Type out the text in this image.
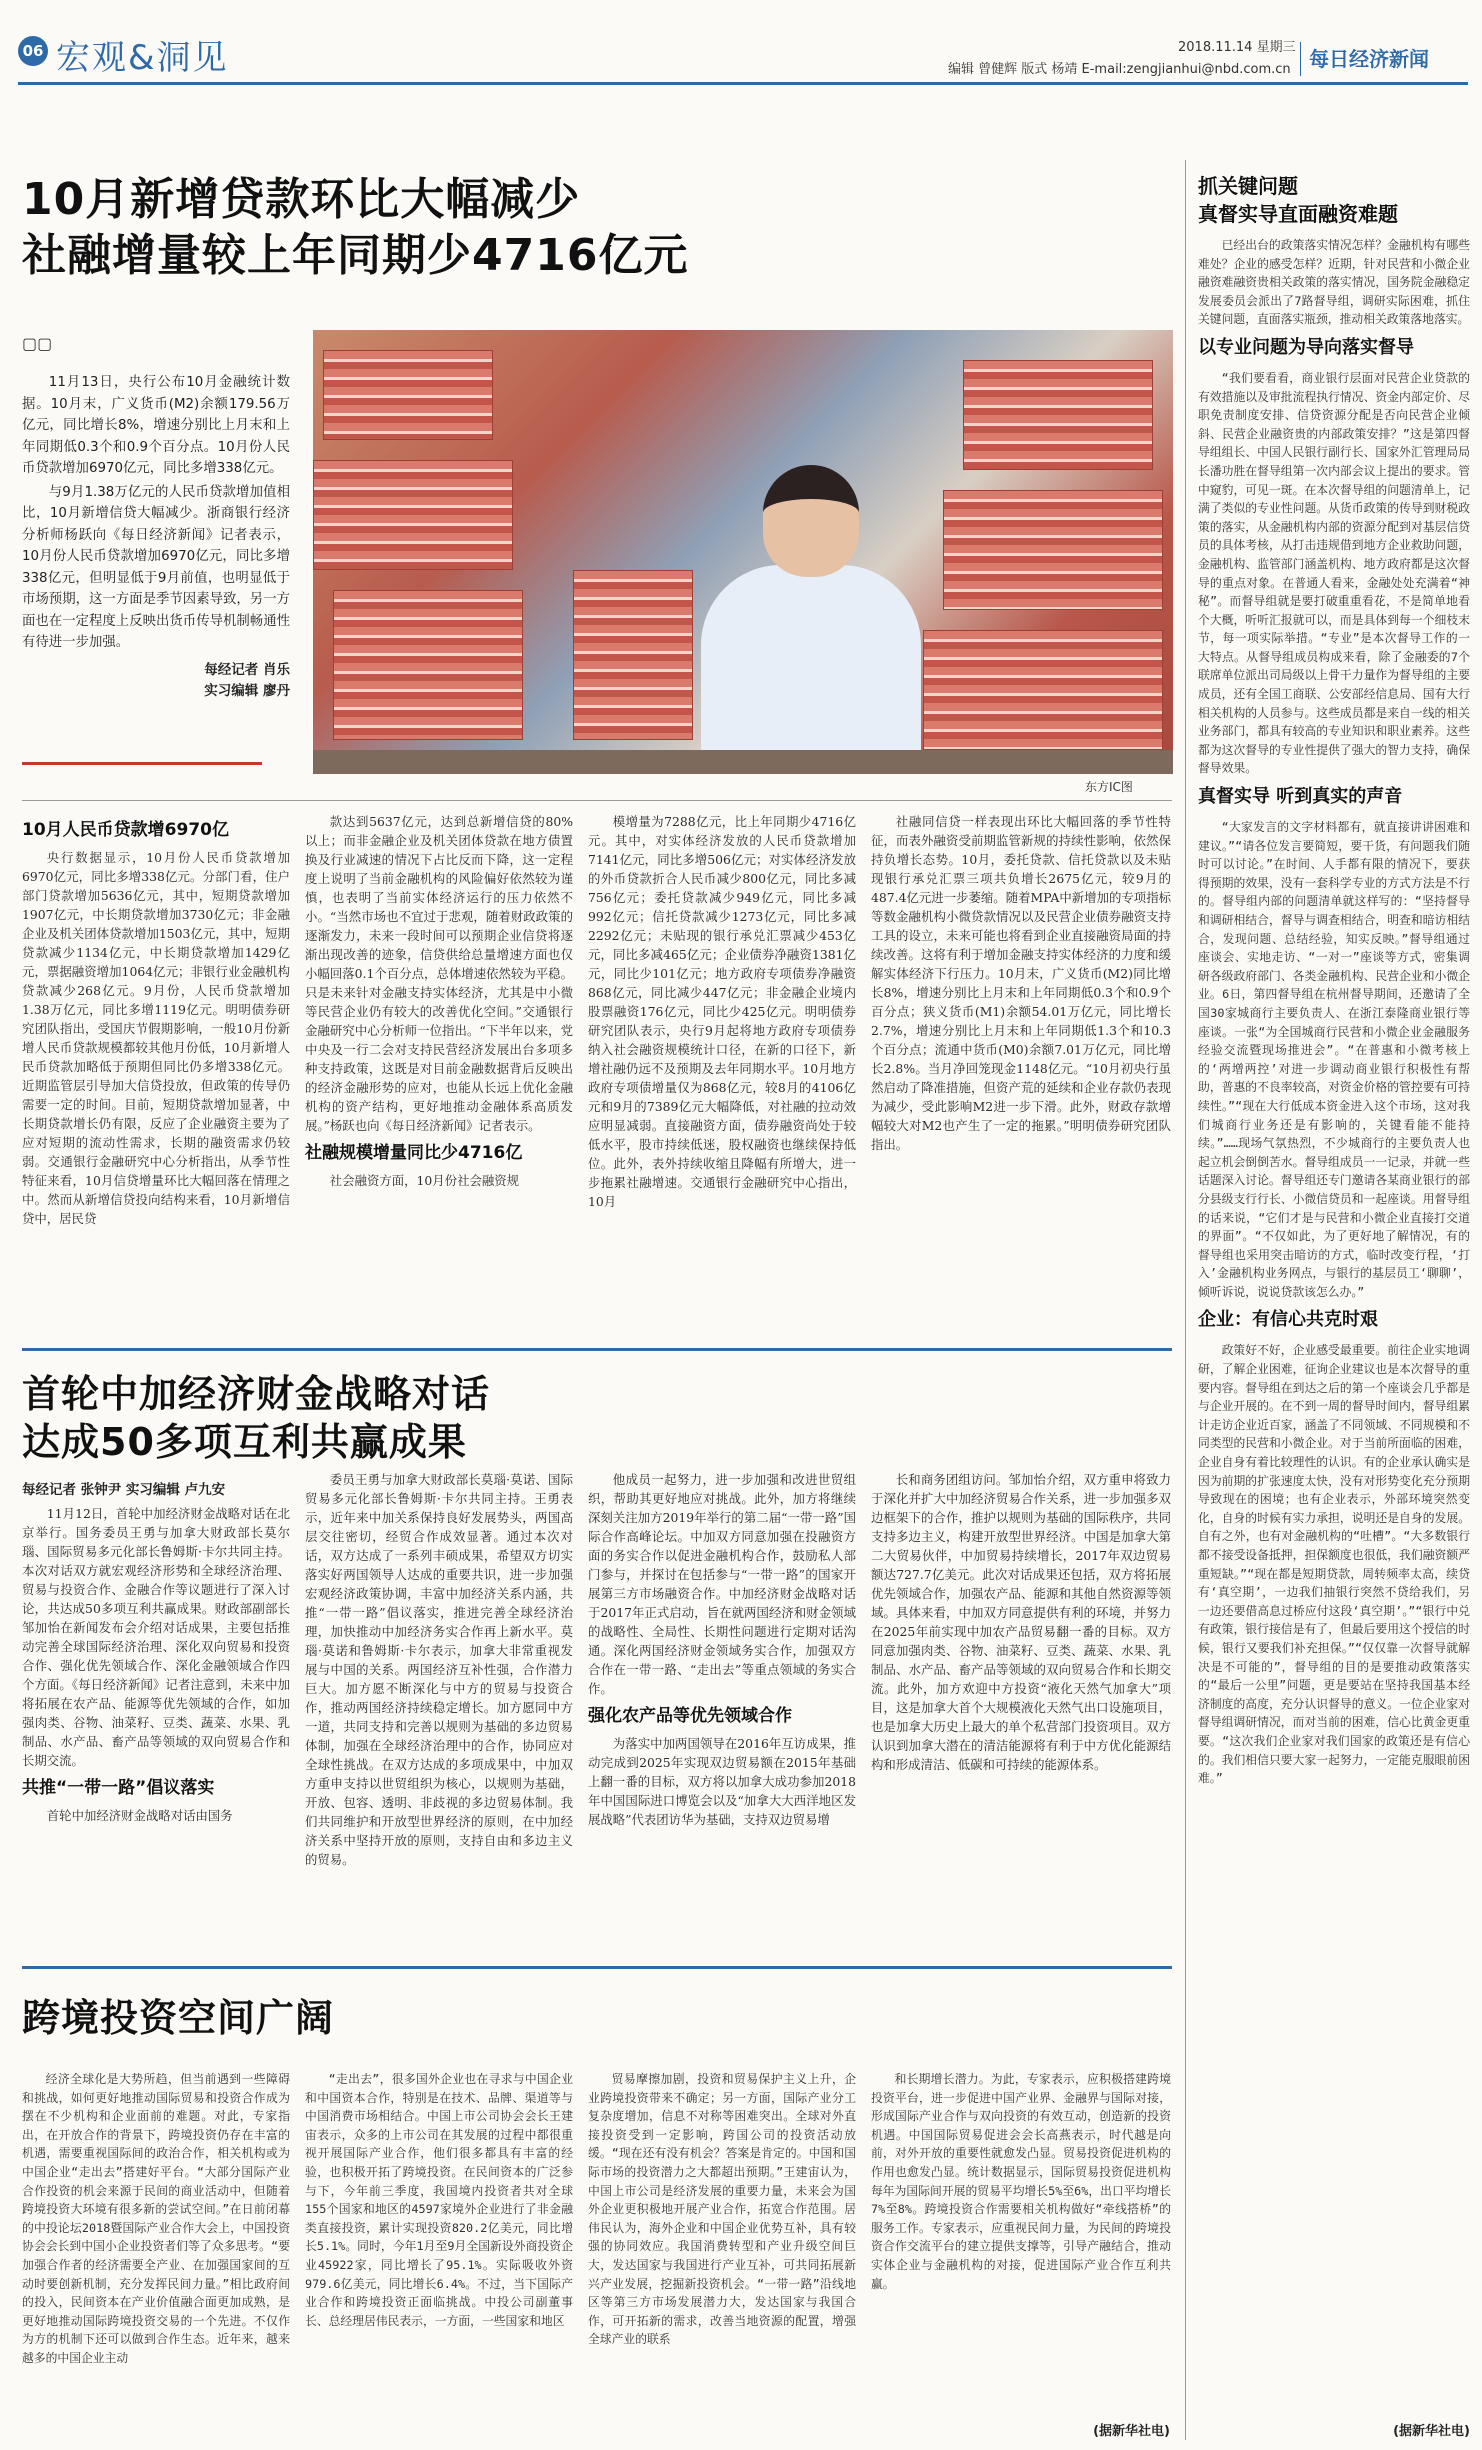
06 宏观&洞见	2018.11.14 星期三
编辑 曾健辉 版式 杨靖 E-mail:zengjianhui@nbd.com.cn 每日经济新闻
10月新增贷款环比大幅减少
社融增量较上年同期少4716亿元
▢▢

11月13日，央行公布10月金融统计数据。10月末，广义货币(M2)余额179.56万亿元，同比增长8%，增速分别比上月末和上年同期低0.3个和0.9个百分点。10月份人民币贷款增加6970亿元，同比多增338亿元。

与9月1.38万亿元的人民币贷款增加值相比，10月新增信贷大幅减少。浙商银行经济分析师杨跃向《每日经济新闻》记者表示，10月份人民币贷款增加6970亿元，同比多增338亿元，但明显低于9月前值，也明显低于市场预期，这一方面是季节因素导致，另一方面也在一定程度上反映出货币传导机制畅通性有待进一步加强。

每经记者 肖乐
实习编辑 廖丹
东方IC图
10月人民币贷款增6970亿

央行数据显示，10月份人民币贷款增加6970亿元，同比多增338亿元。分部门看，住户部门贷款增加5636亿元，其中，短期贷款增加1907亿元，中长期贷款增加3730亿元；非金融企业及机关团体贷款增加1503亿元，其中，短期贷款减少1134亿元，中长期贷款增加1429亿元，票据融资增加1064亿元；非银行业金融机构贷款减少268亿元。9月份，人民币贷款增加1.38万亿元，同比多增1119亿元。明明债券研究团队指出，受国庆节假期影响，一般10月份新增人民币贷款规模都较其他月份低，10月新增人民币贷款加略低于预期但同比仍多增338亿元。近期监管层引导加大信贷投放，但政策的传导仍需要一定的时间。目前，短期贷款增加显著，中长期贷款增长仍有限，反应了企业融资主要为了应对短期的流动性需求，长期的融资需求仍较弱。交通银行金融研究中心分析指出，从季节性特征来看，10月信贷增量环比大幅回落在情理之中。然而从新增信贷投向结构来看，10月新增信贷中，居民贷

款达到5637亿元，达到总新增信贷的80%以上；而非金融企业及机关团体贷款在地方债置换及行业减速的情况下占比反而下降，这一定程度上说明了当前金融机构的风险偏好依然较为谨慎，也表明了当前实体经济运行的压力依然不小。“当然市场也不宜过于悲观，随着财政政策的逐渐发力，未来一段时间可以预期企业信贷将逐渐出现改善的迹象，信贷供给总量增速方面也仅小幅回落0.1个百分点，总体增速依然较为平稳。只是未来针对金融支持实体经济，尤其是中小微等民营企业仍有较大的改善优化空间。”交通银行金融研究中心分析师一位指出。“下半年以来，党中央及一行二会对支持民营经济发展出台多项多种支持政策，这既是对目前金融数据背后反映出的经济金融形势的应对，也能从长远上优化金融机构的资产结构，更好地推动金融体系高质发展。”杨跃也向《每日经济新闻》记者表示。

社融规模增量同比少4716亿

社会融资方面，10月份社会融资规

模增量为7288亿元，比上年同期少4716亿元。其中，对实体经济发放的人民币贷款增加7141亿元，同比多增506亿元；对实体经济发放的外币贷款折合人民币减少800亿元，同比多减756亿元；委托贷款减少949亿元，同比多减992亿元；信托贷款减少1273亿元，同比多减2292亿元；未贴现的银行承兑汇票减少453亿元，同比多减465亿元；企业债券净融资1381亿元，同比少101亿元；地方政府专项债券净融资868亿元，同比减少447亿元；非金融企业境内股票融资176亿元，同比少425亿元。明明债券研究团队表示，央行9月起将地方政府专项债券纳入社会融资规模统计口径，在新的口径下，新增社融仍远不及预期及去年同期水平。10月地方政府专项债增量仅为868亿元，较8月的4106亿元和9月的7389亿元大幅降低，对社融的拉动效应明显减弱。直接融资方面，债券融资尚处于较低水平，股市持续低迷，股权融资也继续保持低位。此外，表外持续收缩且降幅有所增大，进一步拖累社融增速。交通银行金融研究中心指出，10月

社融同信贷一样表现出环比大幅回落的季节性特征，而表外融资受前期监管新规的持续性影响，依然保持负增长态势。10月，委托贷款、信托贷款以及未贴现银行承兑汇票三项共负增长2675亿元，较9月的487.4亿元进一步萎缩。随着MPA中新增加的专项指标等数金融机构小微贷款情况以及民营企业债券融资支持工具的设立，未来可能也将看到企业直接融资局面的持续改善。这将有利于增加金融支持实体经济的力度和缓解实体经济下行压力。10月末，广义货币(M2)同比增长8%，增速分别比上月末和上年同期低0.3个和0.9个百分点；狭义货币(M1)余额54.01万亿元，同比增长2.7%，增速分别比上月末和上年同期低1.3个和10.3个百分点；流通中货币(M0)余额7.01万亿元，同比增长2.8%。当月净回笼现金1148亿元。“10月初央行虽然启动了降准措施，但资产荒的延续和企业存款仍表现为减少，受此影响M2进一步下滑。此外，财政存款增幅较大对M2也产生了一定的拖累。”明明债券研究团队指出。

首轮中加经济财金战略对话
达成50多项互利共赢成果
每经记者 张钟尹 实习编辑 卢九安

11月12日，首轮中加经济财金战略对话在北京举行。国务委员王勇与加拿大财政部长莫尔瑙、国际贸易多元化部长鲁姆斯·卡尔共同主持。本次对话双方就宏观经济形势和全球经济治理、贸易与投资合作、金融合作等议题进行了深入讨论，共达成50多项互利共赢成果。财政部副部长邹加怡在新闻发布会介绍对话成果，主要包括推动完善全球国际经济治理、深化双向贸易和投资合作、强化优先领域合作、深化金融领域合作四个方面。《每日经济新闻》记者注意到，未来中加将拓展在农产品、能源等优先领域的合作，如加强肉类、谷物、油菜籽、豆类、蔬菜、水果、乳制品、水产品、畜产品等领域的双向贸易合作和长期交流。

共推“一带一路”倡议落实

首轮中加经济财金战略对话由国务

委员王勇与加拿大财政部长莫瑙·莫诺、国际贸易多元化部长鲁姆斯·卡尔共同主持。王勇表示，近年来中加关系保持良好发展势头，两国高层交往密切，经贸合作成效显著。通过本次对话，双方达成了一系列丰硕成果，希望双方切实落实好两国领导人达成的重要共识，进一步加强宏观经济政策协调，丰富中加经济关系内涵，共推“一带一路”倡议落实，推进完善全球经济治理，加快推动中加经济务实合作再上新水平。莫瑙·莫诺和鲁姆斯·卡尔表示，加拿大非常重视发展与中国的关系。两国经济互补性强，合作潜力巨大。加方愿不断深化与中方的贸易与投资合作，推动两国经济持续稳定增长。加方愿同中方一道，共同支持和完善以规则为基础的多边贸易体制，加强在全球经济治理中的合作，协同应对全球性挑战。在双方达成的多项成果中，中加双方重申支持以世贸组织为核心，以规则为基础，开放、包容、透明、非歧视的多边贸易体制。我们共同维护和开放型世界经济的原则，在中加经济关系中坚持开放的原则，支持自由和多边主义的贸易。

他成员一起努力，进一步加强和改进世贸组织，帮助其更好地应对挑战。此外，加方将继续深刻关注加方2019年举行的第二届“一带一路”国际合作高峰论坛。中加双方同意加强在投融资方面的务实合作以促进金融机构合作，鼓励私人部门参与，并探讨在包括参与“一带一路”的国家开展第三方市场融资合作。中加经济财金战略对话于2017年正式启动，旨在就两国经济和财金领域的战略性、全局性、长期性问题进行定期对话沟通。深化两国经济财金领域务实合作，加强双方合作在一带一路、“走出去”等重点领域的务实合作。

强化农产品等优先领域合作

为落实中加两国领导在2016年互访成果，推动完成到2025年实现双边贸易额在2015年基础上翻一番的目标，双方将以加拿大成功参加2018年中国国际进口博览会以及“加拿大大西洋地区发展战略”代表团访华为基础，支持双边贸易增

长和商务团组访问。邹加怡介绍，双方重申将致力于深化并扩大中加经济贸易合作关系，进一步加强多双边框架下的合作，推护以规则为基础的国际秩序，共同支持多边主义，构建开放型世界经济。中国是加拿大第二大贸易伙伴，中加贸易持续增长，2017年双边贸易额达727.7亿美元。此次对话成果还包括，双方将拓展优先领域合作，加强农产品、能源和其他自然资源等领域。具体来看，中加双方同意提供有利的环境，并努力在2025年前实现中加农产品贸易翻一番的目标。双方同意加强肉类、谷物、油菜籽、豆类、蔬菜、水果、乳制品、水产品、畜产品等领域的双向贸易合作和长期交流。此外，加方欢迎中方投资“液化天然气加拿大”项目，这是加拿大首个大规模液化天然气出口设施项目，也是加拿大历史上最大的单个私营部门投资项目。双方认识到加拿大潜在的清洁能源将有利于中方优化能源结构和形成清洁、低碳和可持续的能源体系。

跨境投资空间广阔

经济全球化是大势所趋，但当前遇到一些障碍和挑战，如何更好地推动国际贸易和投资合作成为摆在不少机构和企业面前的难题。对此，专家指出，在开放合作的背景下，跨境投资仍存在丰富的机遇，需要重视国际间的政治合作，相关机构或为中国企业“走出去”搭建好平台。“大部分国际产业合作投资的机会来源于民间的商业活动中，但随着跨境投资大环境有很多新的尝试空间。”在日前闭幕的中投论坛2018暨国际产业合作大会上，中国投资协会会长到中国小企业投资者们等了众多思考。“要加强合作者的经济需要全产业、在加强国家间的互动时要创新机制，充分发挥民间力量。”相比政府间的投入，民间资本在产业价值融合面更加成熟，是更好地推动国际跨境投资交易的一个先进。不仅作为方的机制下还可以做到合作生态。近年来，越来越多的中国企业主动

“走出去”，很多国外企业也在寻求与中国企业和中国资本合作，特别是在技术、品牌、渠道等与中国消费市场相结合。中国上市公司协会会长王建宙表示，众多的上市公司在其发展的过程中都很重视开展国际产业合作，他们很多都具有丰富的经验，也积极开拓了跨境投资。在民间资本的广泛参与下，今年前三季度，我国境内投资者共对全球155个国家和地区的4597家境外企业进行了非金融类直接投资，累计实现投资820.2亿美元，同比增长5.1%。同时，今年1月至9月全国新设外商投资企业45922家，同比增长了95.1%。实际吸收外资979.6亿美元，同比增长6.4%。不过，当下国际产业合作和跨境投资正面临挑战。中投公司副董事长、总经理居伟民表示，一方面，一些国家和地区

贸易摩擦加剧，投资和贸易保护主义上升，企业跨境投资带来不确定；另一方面，国际产业分工复杂度增加，信息不对称等困难突出。全球对外直接投资受到一定影响，跨国公司的投资活动放缓。“现在还有没有机会？答案是肯定的。中国和国际市场的投资潜力之大都超出预期。”王建宙认为，中国上市公司是经济发展的重要力量，未来会为国外企业更积极地开展产业合作，拓宽合作范围。居伟民认为，海外企业和中国企业优势互补，具有较强的协同效应。我国消费转型和产业升级空间巨大，发达国家与我国进行产业互补，可共同拓展新兴产业发展，挖掘新投资机会。“一带一路”沿线地区等第三方市场发展潜力大，发达国家与我国合作，可开拓新的需求，改善当地资源的配置，增强全球产业的联系

和长期增长潜力。为此，专家表示，应积极搭建跨境投资平台，进一步促进中国产业界、金融界与国际对接，形成国际产业合作与双向投资的有效互动，创造新的投资机遇。中国国际贸易促进会会长高燕表示，时代越是向前，对外开放的重要性就愈发凸显。贸易投资促进机构的作用也愈发凸显。统计数据显示，国际贸易投资促进机构每年为国际间开展的贸易平均增长5%至6%，出口平均增长7%至8%。跨境投资合作需要相关机构做好“牵线搭桥”的服务工作。专家表示，应重视民间力量，为民间的跨境投资合作交流平台的建立提供支撑等，引导产融结合，推动实体企业与金融机构的对接，促进国际产业合作互利共赢。

(据新华社电)
抓关键问题
真督实导直面融资难题

已经出台的政策落实情况怎样？金融机构有哪些难处？企业的感受怎样？近期，针对民营和小微企业融资难融资贵相关政策的落实情况，国务院金融稳定发展委员会派出了7路督导组，调研实际困难，抓住关键问题，直面落实瓶颈，推动相关政策落地落实。

以专业问题为导向落实督导

“我们要看看，商业银行层面对民营企业贷款的有效措施以及审批流程执行情况、资金内部定价、尽职免责制度安排、信贷资源分配是否向民营企业倾斜、民营企业融资贵的内部政策安排？”这是第四督导组组长、中国人民银行副行长、国家外汇管理局局长潘功胜在督导组第一次内部会议上提出的要求。管中窥豹，可见一斑。在本次督导组的问题清单上，记满了类似的专业性问题。从货币政策的传导到财税政策的落实，从金融机构内部的资源分配到对基层信贷员的具体考核，从打击违规借到地方企业救助问题，金融机构、监管部门涵盖机构、地方政府都是这次督导的重点对象。在普通人看来，金融处处充满着“神秘”。而督导组就是要打破重重看花，不是简单地看个大概，听听汇报就可以，而是具体到每一个细枝末节，每一项实际举措。“专业”是本次督导工作的一大特点。从督导组成员构成来看，除了金融委的7个联席单位派出司局级以上骨干力量作为督导组的主要成员，还有全国工商联、公安部经信息局、国有大行相关机构的人员参与。这些成员都是来自一线的相关业务部门，都具有较高的专业知识和职业素养。这些都为这次督导的专业性提供了强大的智力支持，确保督导效果。

真督实导 听到真实的声音

“大家发言的文字材料都有，就直接讲讲困难和建议。”“请各位发言要简短，要干货，有问题我们随时可以讨论。”在时间、人手都有限的情况下，要获得预期的效果，没有一套科学专业的方式方法是不行的。督导组内部的问题清单就这样写的：“坚持督导和调研相结合，督导与调查相结合，明查和暗访相结合，发现问题、总结经验，知实反映。”督导组通过座谈会、实地走访、“一对一”座谈等方式，密集调研各级政府部门、各类金融机构、民营企业和小微企业。6日，第四督导组在杭州督导期间，还邀请了全国30家城商行主要负责人、在浙江泰隆商业银行等座谈。一张“为全国城商行民营和小微企业金融服务经验交流暨现场推进会”。“在普惠和小微考核上的‘两增两控’对进一步调动商业银行积极性有帮助，普惠的不良率较高，对资金价格的管控要有可持续性。”“现在大行低成本资金进入这个市场，这对我们城商行业务还是有影响的，关键看能不能持续。”……现场气氛热烈，不少城商行的主要负责人也起立机会倒倒苦水。督导组成员一一记录，并就一些话题深入讨论。督导组还专门邀请各某商业银行的部分县级支行行长、小微信贷员和一起座谈。用督导组的话来说，“它们才是与民营和小微企业直接打交道的界面”。“不仅如此，为了更好地了解情况，有的督导组也采用突击暗访的方式，临时改变行程，‘打入’金融机构业务网点，与银行的基层员工‘聊聊’，倾听诉说，说说贷款该怎么办。”

企业：有信心共克时艰

政策好不好，企业感受最重要。前往企业实地调研，了解企业困难，征询企业建议也是本次督导的重要内容。督导组在到达之后的第一个座谈会几乎都是与企业开展的。在不到一周的督导时间内，督导组累计走访企业近百家，涵盖了不同领域、不同规模和不同类型的民营和小微企业。对于当前所面临的困难，企业自身有着比较理性的认识。有的企业承认确实是因为前期的扩张速度太快，没有对形势变化充分预期导致现在的困境；也有企业表示，外部环境突然变化，自身的时候有实力承担，说明还是自身的发展。自有之外，也有对金融机构的“吐槽”。“大多数银行都不接受设备抵押，担保额度也很低，我们融资额严重短缺。”“现在都是短期贷款，周转频率太高，续贷有‘真空期’，一边我们抽银行突然不贷给我们，另一边还要借高息过桥应付这段‘真空期’。”“银行中兑有政策，银行接信是有了，但最后要用这个授信的时候，银行又要我们补充担保。”“仅仅靠一次督导就解决是不可能的”，督导组的目的是要推动政策落实的“最后一公里”问题，更是要站在坚持我国基本经济制度的高度，充分认识督导的意义。一位企业家对督导组调研情况，而对当前的困难，信心比黄金更重要。“这次我们企业家对我们国家的政策还是有信心的。我们相信只要大家一起努力，一定能克服眼前困难。”

(据新华社电)
